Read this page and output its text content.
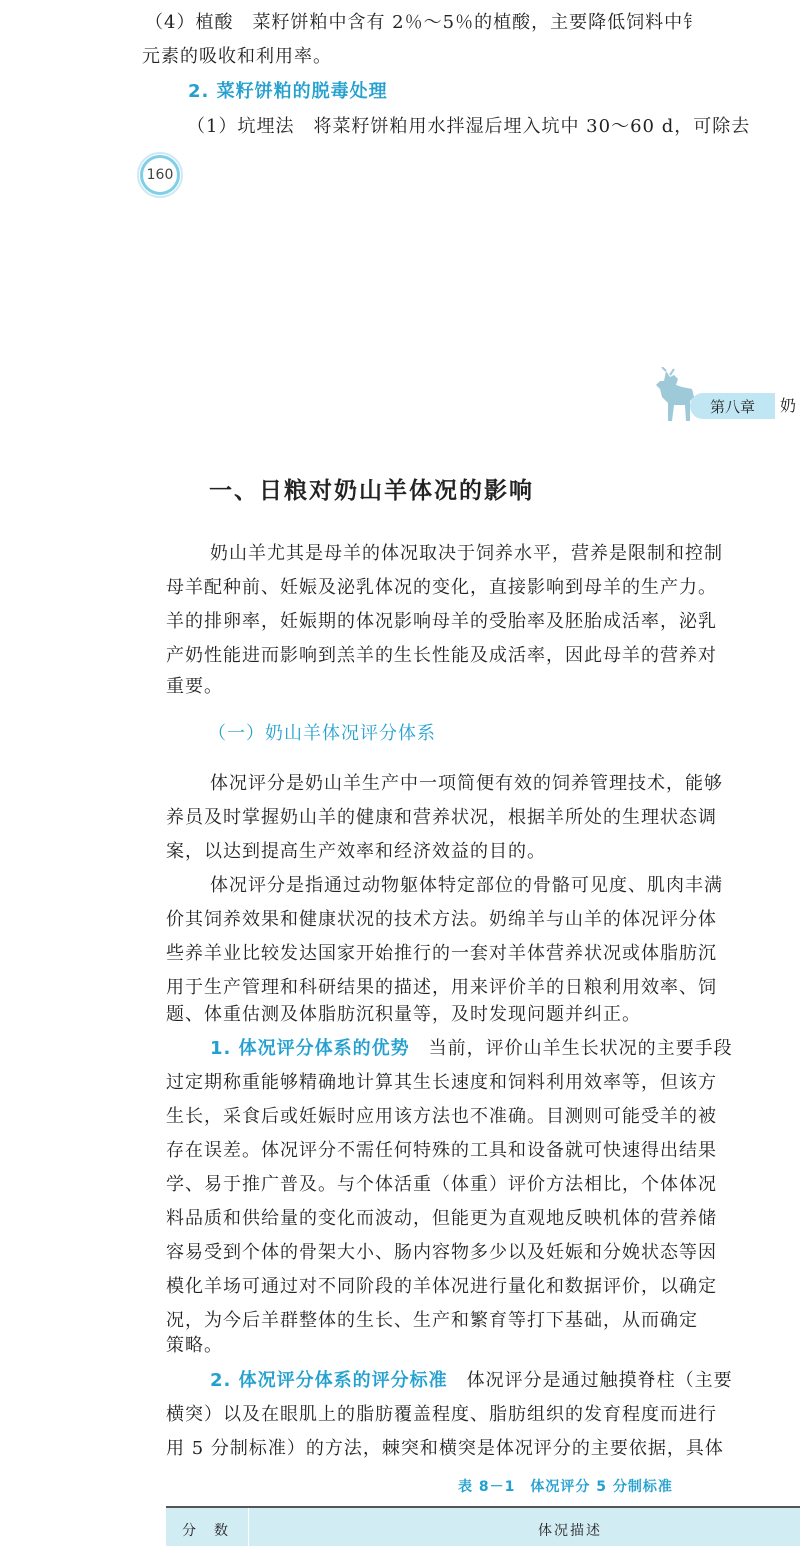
（4）植酸　菜籽饼粕中含有 2％～5％的植酸，主要降低饲料中钅
元素的吸收和利用率。
2. 菜籽饼粕的脱毒处理
（1）坑埋法　将菜籽饼粕用水拌湿后埋入坑中 30～60 d，可除去
160
第八章	奶
一、日粮对奶山羊体况的影响
奶山羊尤其是母羊的体况取决于饲养水平，营养是限制和控制
母羊配种前、妊娠及泌乳体况的变化，直接影响到母羊的生产力。
羊的排卵率，妊娠期的体况影响母羊的受胎率及胚胎成活率，泌乳
产奶性能进而影响到羔羊的生长性能及成活率，因此母羊的营养对
重要。
（一）奶山羊体况评分体系
体况评分是奶山羊生产中一项简便有效的饲养管理技术，能够
养员及时掌握奶山羊的健康和营养状况，根据羊所处的生理状态调
案，以达到提高生产效率和经济效益的目的。
体况评分是指通过动物躯体特定部位的骨骼可见度、肌肉丰满
价其饲养效果和健康状况的技术方法。奶绵羊与山羊的体况评分体
些养羊业比较发达国家开始推行的一套对羊体营养状况或体脂肪沉
用于生产管理和科研结果的描述，用来评价羊的日粮利用效率、饲
题、体重估测及体脂肪沉积量等，及时发现问题并纠正。
1. 体况评分体系的优势　 当前，评价山羊生长状况的主要手段
过定期称重能够精确地计算其生长速度和饲料利用效率等，但该方
生长，采食后或妊娠时应用该方法也不准确。目测则可能受羊的被
存在误差。体况评分不需任何特殊的工具和设备就可快速得出结果
学、易于推广普及。与个体活重（体重）评价方法相比，个体体况
料品质和供给量的变化而波动，但能更为直观地反映机体的营养储
容易受到个体的骨架大小、肠内容物多少以及妊娠和分娩状态等因
模化羊场可通过对不同阶段的羊体况进行量化和数据评价，以确定
况，为今后羊群整体的生长、生产和繁育等打下基础，从而确定
策略。
2. 体况评分体系的评分标准　 体况评分是通过触摸脊柱（主要
横突）以及在眼肌上的脂肪覆盖程度、脂肪组织的发育程度而进行
用 5 分制标准）的方法，棘突和横突是体况评分的主要依据，具体
表 8－1　体况评分 5 分制标准
分　数	体况描述
